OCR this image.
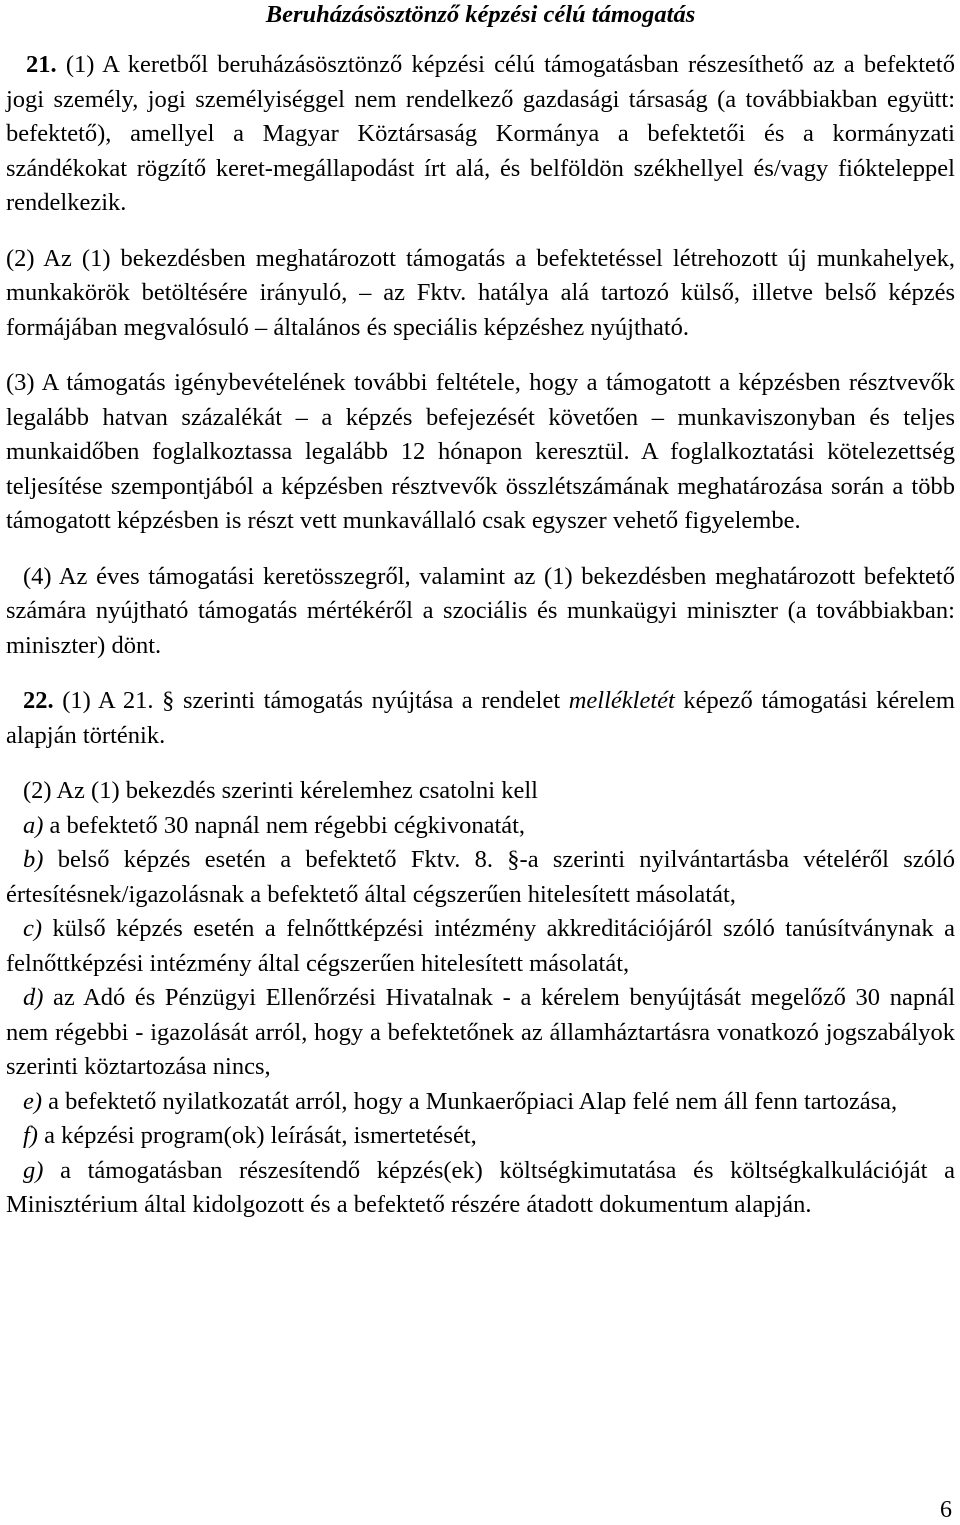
Beruházásösztönző képzési célú támogatás

21. (1) A keretből beruházásösztönző képzési célú támogatásban részesíthető az a befektető jogi személy, jogi személyiséggel nem rendelkező gazdasági társaság (a továbbiakban együtt: befektető), amellyel a Magyar Köztársaság Kormánya a befektetői és a kormányzati szándékokat rögzítő keret-megállapodást írt alá, és belföldön székhellyel és/vagy fiókteleppel rendelkezik.

(2) Az (1) bekezdésben meghatározott támogatás a befektetéssel létrehozott új munkahelyek, munkakörök betöltésére irányuló, – az Fktv. hatálya alá tartozó külső, illetve belső képzés formájában megvalósuló – általános és speciális képzéshez nyújtható.

(3) A támogatás igénybevételének további feltétele, hogy a támogatott a képzésben résztvevők legalább hatvan százalékát – a képzés befejezését követően – munkaviszonyban és teljes munkaidőben foglalkoztassa legalább 12 hónapon keresztül. A foglalkoztatási kötelezettség teljesítése szempontjából a képzésben résztvevők összlétszámának meghatározása során a több támogatott képzésben is részt vett munkavállaló csak egyszer vehető figyelembe.

(4) Az éves támogatási keretösszegről, valamint az (1) bekezdésben meghatározott befektető számára nyújtható támogatás mértékéről a szociális és munkaügyi miniszter (a továbbiakban: miniszter) dönt.

22. (1) A 21. § szerinti támogatás nyújtása a rendelet mellékletét képező támogatási kérelem alapján történik.

(2) Az (1) bekezdés szerinti kérelemhez csatolni kell

a) a befektető 30 napnál nem régebbi cégkivonatát,

b) belső képzés esetén a befektető Fktv. 8. §-a szerinti nyilvántartásba vételéről szóló értesítésnek/igazolásnak a befektető által cégszerűen hitelesített másolatát,

c) külső képzés esetén a felnőttképzési intézmény akkreditációjáról szóló tanúsítványnak a felnőttképzési intézmény által cégszerűen hitelesített másolatát,

d) az Adó és Pénzügyi Ellenőrzési Hivatalnak - a kérelem benyújtását megelőző 30 napnál nem régebbi - igazolását arról, hogy a befektetőnek az államháztartásra vonatkozó jogszabályok szerinti köztartozása nincs,

e) a befektető nyilatkozatát arról, hogy a Munkaerőpiaci Alap felé nem áll fenn tartozása,

f) a képzési program(ok) leírását, ismertetését,

g) a támogatásban részesítendő képzés(ek) költségkimutatása és költségkalkulációját a Minisztérium által kidolgozott és a befektető részére átadott dokumentum alapján.

6
